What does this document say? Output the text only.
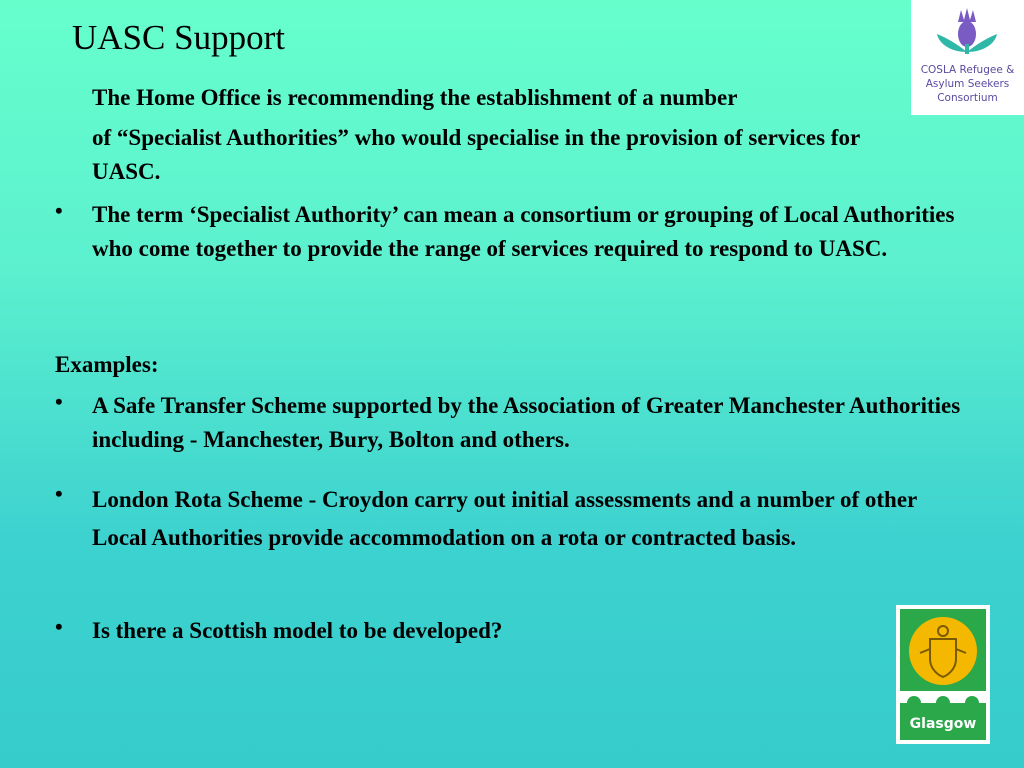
UASC Support
The Home Office is recommending the establishment of a number
of “Specialist Authorities” who would specialise in the provision of services for UASC.
• The term ‘Specialist Authority’ can mean a consortium or grouping of Local Authorities who come together to provide the range of services required to respond to UASC.
Examples:
• A Safe Transfer Scheme supported by the Association of Greater Manchester Authorities including - Manchester, Bury, Bolton and others.
• London Rota Scheme - Croydon carry out initial assessments and a number of other Local Authorities provide accommodation on a rota or contracted basis.
• Is there a Scottish model to be developed?
COSLA Refugee &
Asylum Seekers
Consortium
Glasgow
